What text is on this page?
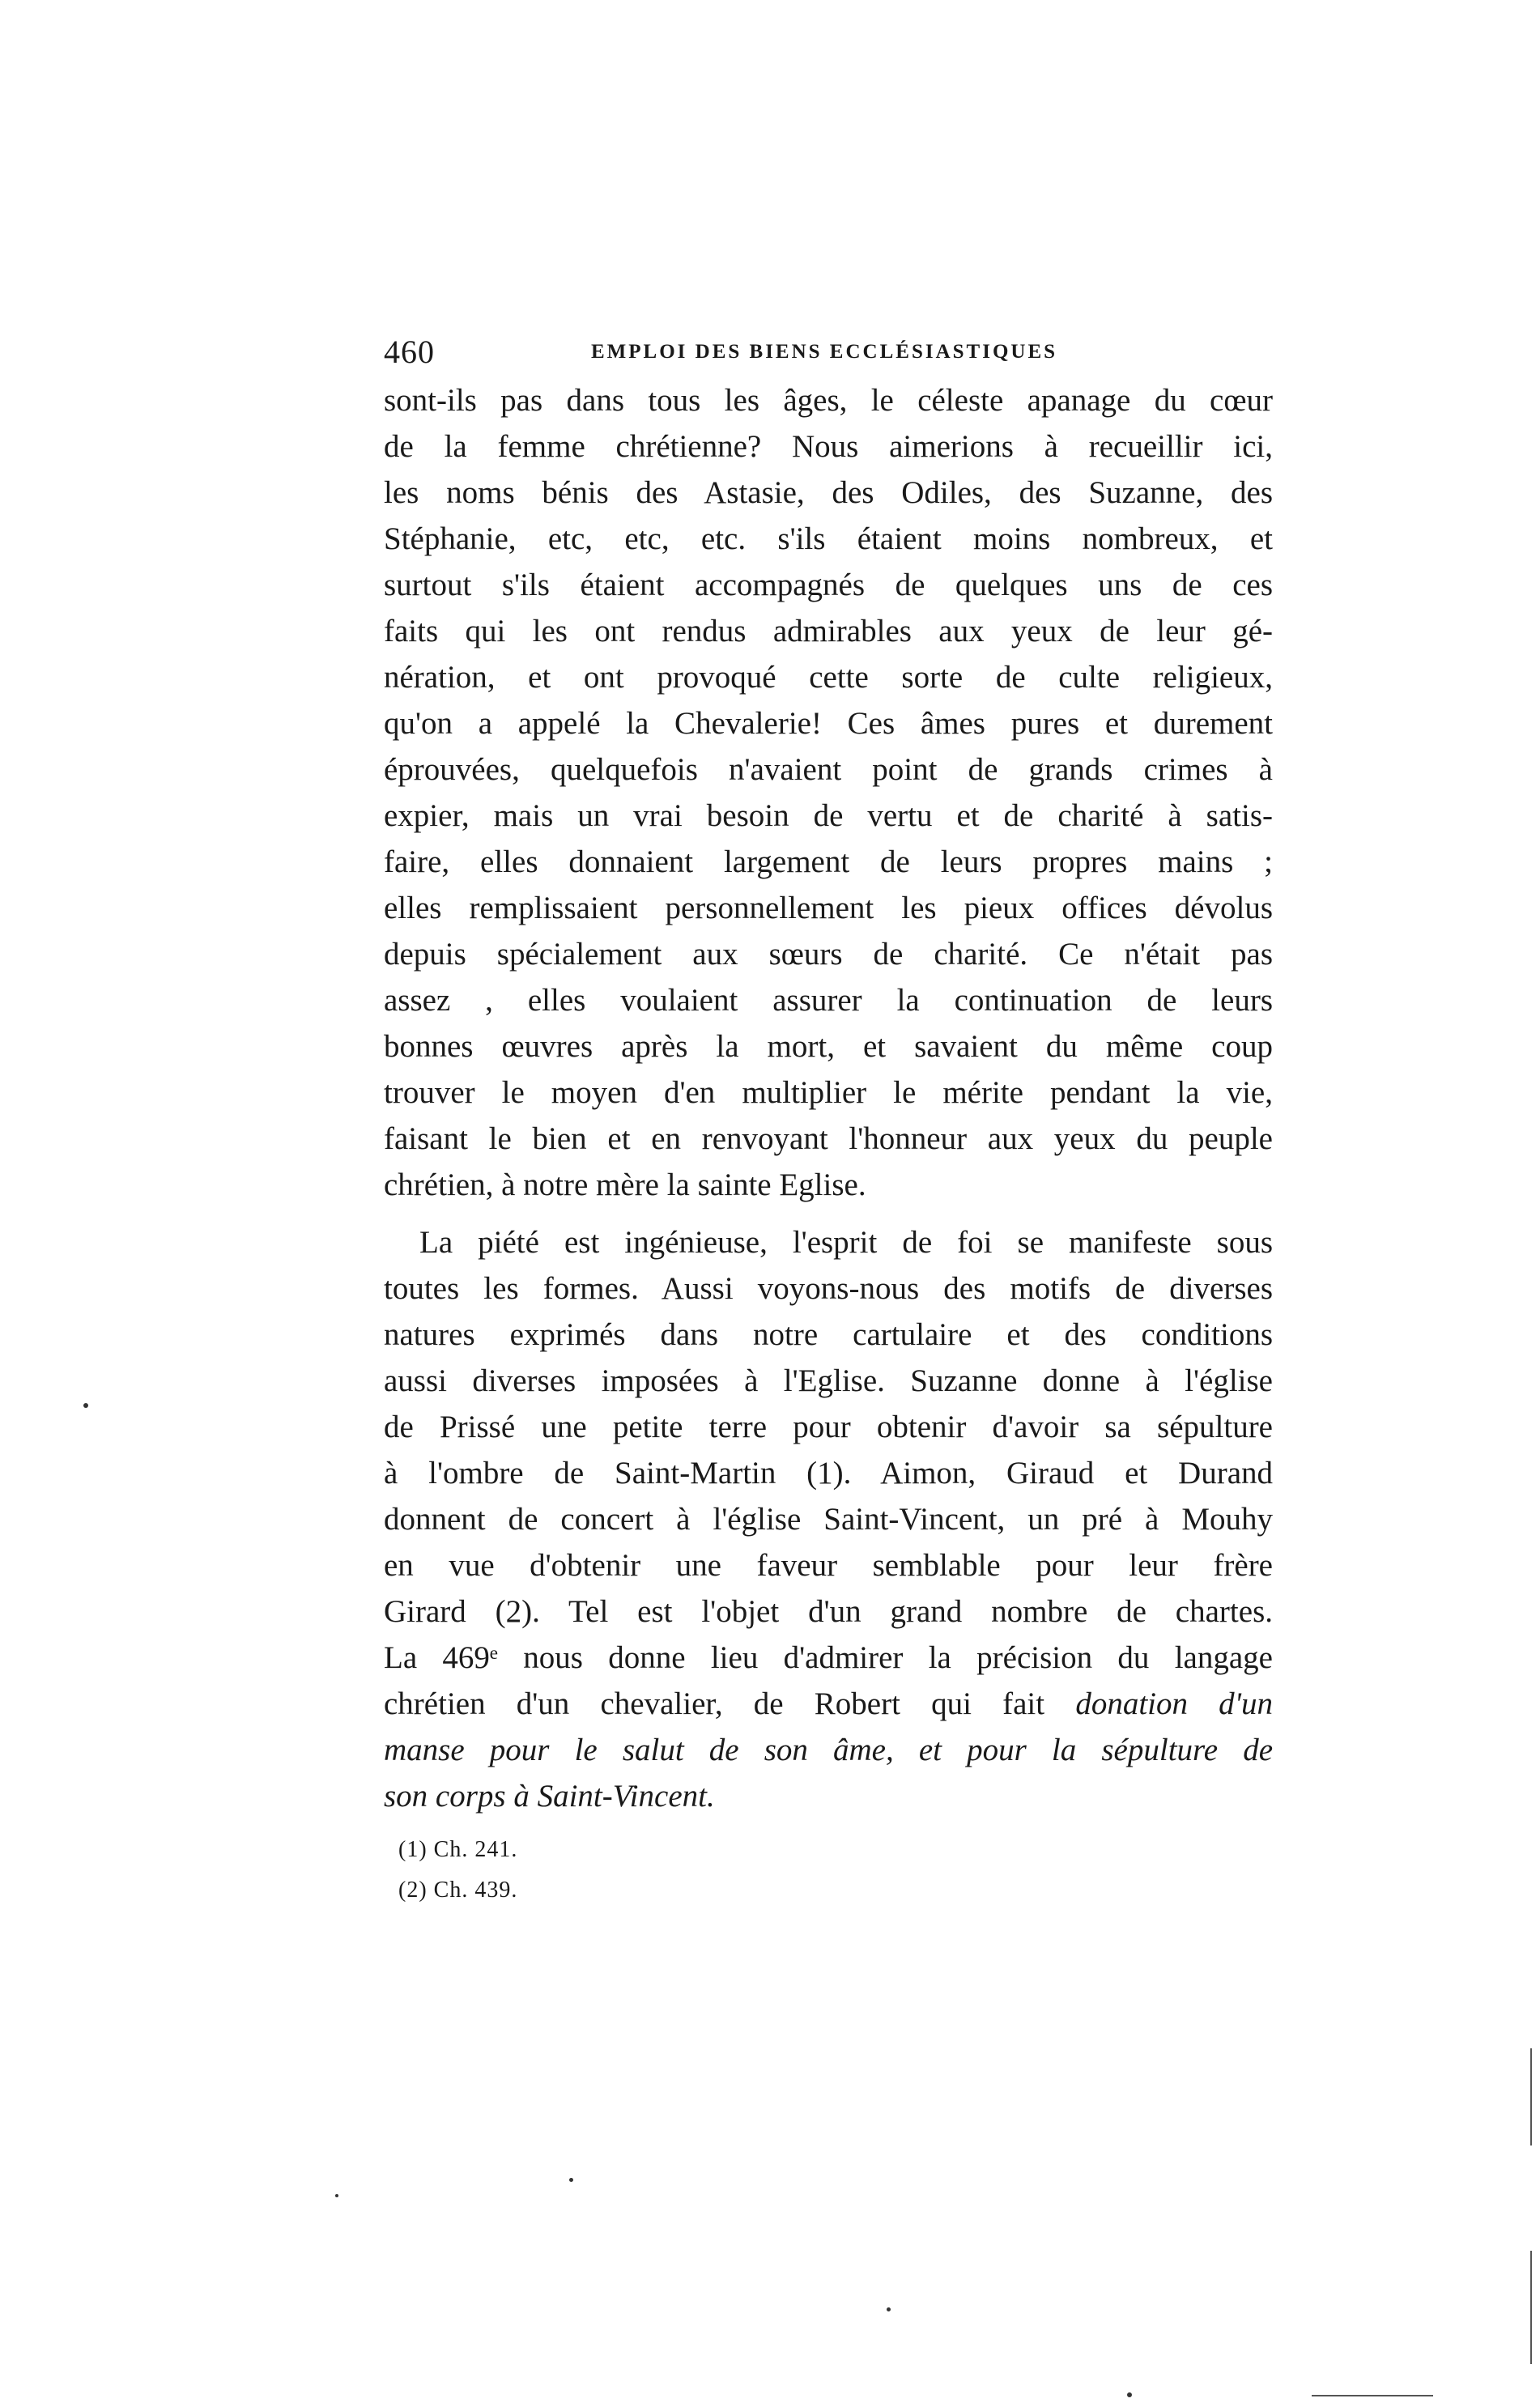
460	EMPLOI DES BIENS ECCLÉSIASTIQUES
sont-ils pas dans tous les âges, le céleste apanage du cœur
de la femme chrétienne? Nous aimerions à recueillir ici,
les noms bénis des Astasie, des Odiles, des Suzanne, des
Stéphanie, etc, etc, etc. s'ils étaient moins nombreux, et
surtout s'ils étaient accompagnés de quelques uns de ces
faits qui les ont rendus admirables aux yeux de leur gé-
nération, et ont provoqué cette sorte de culte religieux,
qu'on a appelé la Chevalerie! Ces âmes pures et durement
éprouvées, quelquefois n'avaient point de grands crimes à
expier, mais un vrai besoin de vertu et de charité à satis-
faire, elles donnaient largement de leurs propres mains ;
elles remplissaient personnellement les pieux offices dévolus
depuis spécialement aux sœurs de charité. Ce n'était pas
assez , elles voulaient assurer la continuation de leurs
bonnes œuvres après la mort, et savaient du même coup
trouver le moyen d'en multiplier le mérite pendant la vie,
faisant le bien et en renvoyant l'honneur aux yeux du peuple
chrétien, à notre mère la sainte Eglise.
La piété est ingénieuse, l'esprit de foi se manifeste sous
toutes les formes. Aussi voyons-nous des motifs de diverses
natures exprimés dans notre cartulaire et des conditions
aussi diverses imposées à l'Eglise. Suzanne donne à l'église
de Prissé une petite terre pour obtenir d'avoir sa sépulture
à l'ombre de Saint-Martin (1). Aimon, Giraud et Durand
donnent de concert à l'église Saint-Vincent, un pré à Mouhy
en vue d'obtenir une faveur semblable pour leur frère
Girard (2). Tel est l'objet d'un grand nombre de chartes.
La 469ᵉ nous donne lieu d'admirer la précision du langage
chrétien d'un chevalier, de Robert qui fait donation d'un
manse pour le salut de son âme, et pour la sépulture de
son corps à Saint-Vincent.
(1) Ch. 241.
(2) Ch. 439.
